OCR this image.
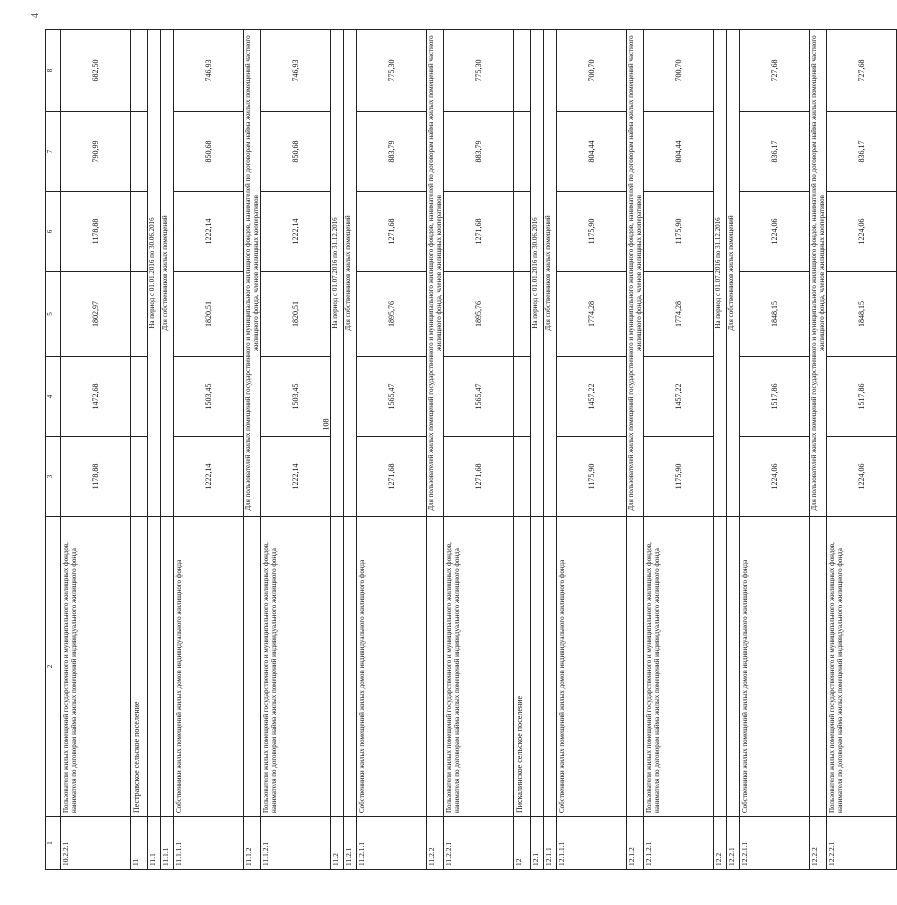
4
108
1	2	3	4	5	6	7	8
10.2.2.1	Пользователи жилых помещений государственного и муниципального жилищных фондов, нанимателя по договорам найма жилых помещений индивидуального жилищного фонда	1178,88	1472,68	1802,97	1178,88	790,99	682,50
11	Пестравское сельское поселение						
11.1		На период с 01.01.2016 по 30.06.2016					
11.1.1		Для собственников жилых помещений					
11.1.1.1	Собственники жилых помещений жилых домов индивидуального жилищного фонда	1222,14	1503,45	1820,51	1222,14	850,68	746,93
11.1.2		Для пользователей жилых помещений государственного и муниципального жилищного фондов, нанимателей по договорам найма жилых помещений частного жилищного фонда, членов жилищных кооперативов					
11.1.2.1	Пользователи жилых помещений государственного и муниципального жилищных фондов, нанимателя по договорам найма жилых помещений индивидуального жилищного фонда	1222,14	1503,45	1820,51	1222,14	850,68	746,93
11.2		На период с 01.07.2016 по 31.12.2016					
11.2.1		Для собственников жилых помещений					
11.2.1.1	Собственники жилых помещений жилых домов индивидуального жилищного фонда	1271,68	1565,47	1895,76	1271,68	883,79	775,30
11.2.2		Для пользователей жилых помещений государственного и муниципального жилищного фондов, нанимателей по договорам найма жилых помещений частного жилищного фонда, членов жилищных кооперативов					
11.2.2.1	Пользователи жилых помещений государственного и муниципального жилищных фондов, нанимателя по договорам найма жилых помещений индивидуального жилищного фонда	1271,68	1565,47	1895,76	1271,68	883,79	775,30
12	Пискалинское сельское поселение						
12.1		На период с 01.01.2016 по 30.06.2016					
12.1.1		Для собственников жилых помещений					
12.1.1.1	Собственники жилых помещений жилых домов индивидуального жилищного фонда	1175,90	1457,22	1774,28	1175,90	804,44	700,70
12.1.2		Для пользователей жилых помещений государственного и муниципального жилищного фондов, нанимателей по договорам найма жилых помещений частного жилищного фонда, членов жилищных кооперативов					
12.1.2.1	Пользователи жилых помещений государственного и муниципального жилищных фондов, нанимателя по договорам найма жилых помещений индивидуального жилищного фонда	1175,90	1457,22	1774,28	1175,90	804,44	700,70
12.2		На период с 01.07.2016 по 31.12.2016					
12.2.1		Для собственников жилых помещений					
12.2.1.1	Собственники жилых помещений жилых домов индивидуального жилищного фонда	1224,06	1517,86	1848,15	1224,06	836,17	727,68
12.2.2		Для пользователей жилых помещений государственного и муниципального жилищного фондов, нанимателей по договорам найма жилых помещений частного жилищного фонда, членов жилищных кооперативов					
12.2.2.1	Пользователи жилых помещений государственного и муниципального жилищных фондов, нанимателя по договорам найма жилых помещений индивидуального жилищного фонда	1224,06	1517,86	1848,15	1224,06	836,17	727,68
